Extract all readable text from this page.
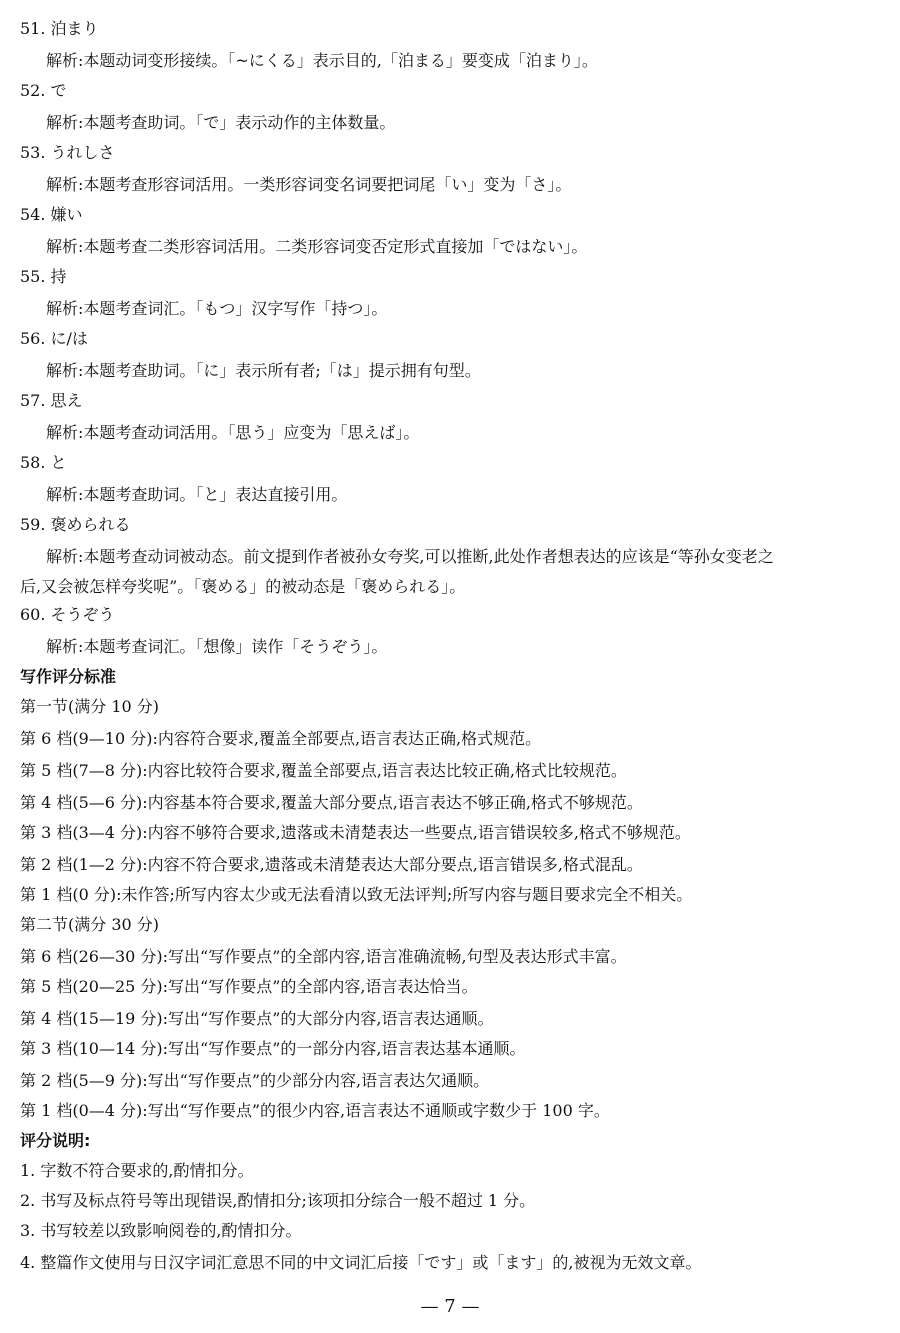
51. 泊まり
解析:本题动词变形接续。「~にくる」表示目的,「泊まる」要变成「泊まり」。
52. で
解析:本题考查助词。「で」表示动作的主体数量。
53. うれしさ
解析:本题考查形容词活用。一类形容词变名词要把词尾「い」变为「さ」。
54. 嫌い
解析:本题考查二类形容词活用。二类形容词变否定形式直接加「ではない」。
55. 持
解析:本题考查词汇。「もつ」汉字写作「持つ」。
56. に/は
解析:本题考查助词。「に」表示所有者;「は」提示拥有句型。
57. 思え
解析:本题考查动词活用。「思う」应变为「思えば」。
58. と
解析:本题考查助词。「と」表达直接引用。
59. 褒められる
解析:本题考查动词被动态。前文提到作者被孙女夸奖,可以推断,此处作者想表达的应该是“等孙女变老之
后,又会被怎样夸奖呢”。「褒める」的被动态是「褒められる」。
60. そうぞう
解析:本题考查词汇。「想像」读作「そうぞう」。
写作评分标准
第一节(满分 10 分)
第 6 档(9—10 分):内容符合要求,覆盖全部要点,语言表达正确,格式规范。
第 5 档(7—8 分):内容比较符合要求,覆盖全部要点,语言表达比较正确,格式比较规范。
第 4 档(5—6 分):内容基本符合要求,覆盖大部分要点,语言表达不够正确,格式不够规范。
第 3 档(3—4 分):内容不够符合要求,遗落或未清楚表达一些要点,语言错误较多,格式不够规范。
第 2 档(1—2 分):内容不符合要求,遗落或未清楚表达大部分要点,语言错误多,格式混乱。
第 1 档(0 分):未作答;所写内容太少或无法看清以致无法评判;所写内容与题目要求完全不相关。
第二节(满分 30 分)
第 6 档(26—30 分):写出“写作要点”的全部内容,语言准确流畅,句型及表达形式丰富。
第 5 档(20—25 分):写出“写作要点”的全部内容,语言表达恰当。
第 4 档(15—19 分):写出“写作要点”的大部分内容,语言表达通顺。
第 3 档(10—14 分):写出“写作要点”的一部分内容,语言表达基本通顺。
第 2 档(5—9 分):写出“写作要点”的少部分内容,语言表达欠通顺。
第 1 档(0—4 分):写出“写作要点”的很少内容,语言表达不通顺或字数少于 100 字。
评分说明:
1. 字数不符合要求的,酌情扣分。
2. 书写及标点符号等出现错误,酌情扣分;该项扣分综合一般不超过 1 分。
3. 书写较差以致影响阅卷的,酌情扣分。
4. 整篇作文使用与日汉字词汇意思不同的中文词汇后接「です」或「ます」的,被视为无效文章。
— 7 —
